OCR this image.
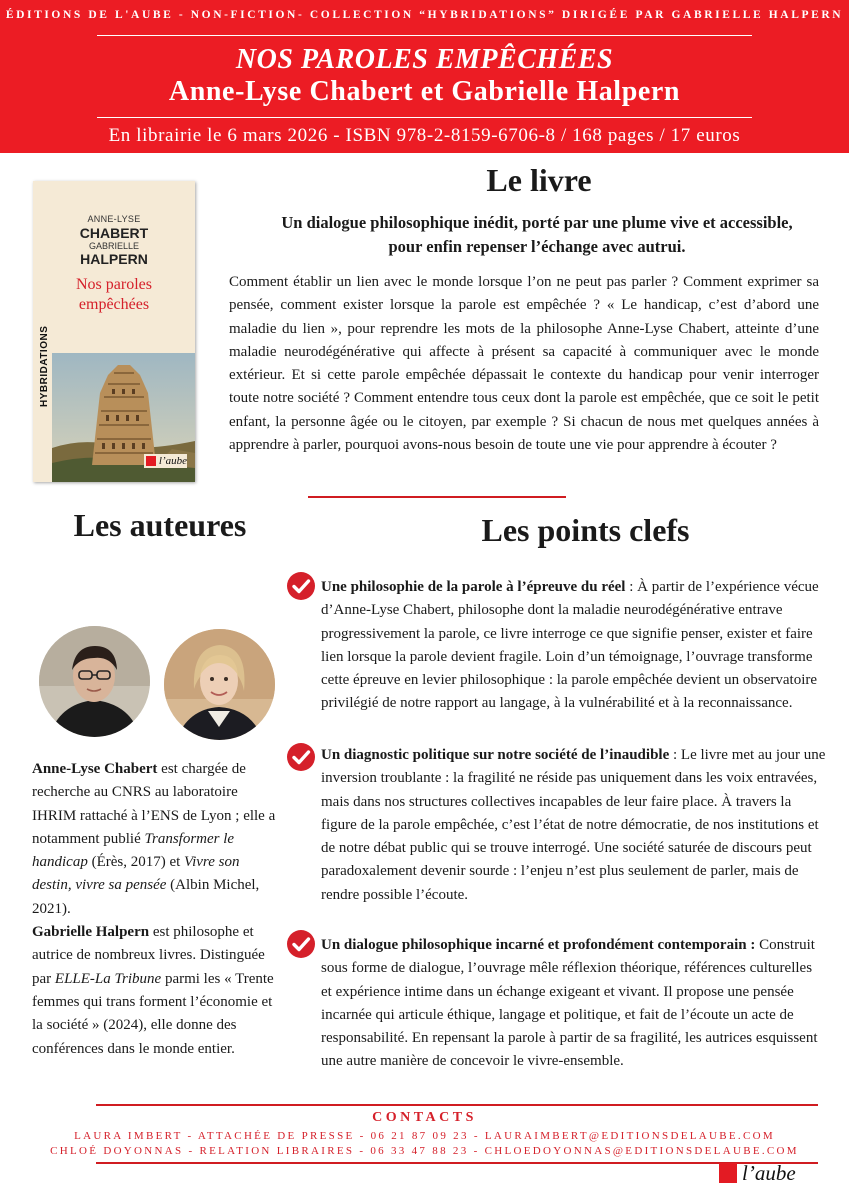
ÉDITIONS DE L'AUBE - NON-FICTION- COLLECTION “HYBRIDATIONS” DIRIGÉE PAR GABRIELLE HALPERN
NOS PAROLES EMPÊCHÉES
Anne-Lyse Chabert et Gabrielle Halpern
En librairie le 6 mars 2026 - ISBN 978-2-8159-6706-8 / 168 pages / 17 euros
ANNE-LYSE
CHABERT
GABRIELLE
HALPERN
Nos paroles
empêchées
HYBRIDATIONS
l’aube
Le livre
Un dialogue philosophique inédit, porté par une plume vive et accessible,
pour enfin repenser l’échange avec autrui.
Comment établir un lien avec le monde lorsque l’on ne peut pas parler ? Comment exprimer sa pensée, comment exister lorsque la parole est empêchée ? « Le handicap, c’est d’abord une maladie du lien », pour reprendre les mots de la philosophe Anne-Lyse Chabert, atteinte d’une maladie neurodégénérative qui affecte à présent sa capacité à communiquer avec le monde extérieur. Et si cette parole empêchée dépassait le contexte du handicap pour venir interroger toute notre société ? Comment entendre tous ceux dont la parole est empêchée, que ce soit le petit enfant, la personne âgée ou le citoyen, par exemple ? Si chacun de nous met quelques années à apprendre à parler, pourquoi avons-nous besoin de toute une vie pour apprendre à écouter ?
Les auteures

Anne-Lyse Chabert est chargée de recherche au CNRS au laboratoire IHRIM rattaché à l’ENS de Lyon ; elle a notamment publié Transformer le handicap (Érès, 2017) et Vivre son destin, vivre sa pensée (Albin Michel, 2021).

Gabrielle Halpern est philosophe et autrice de nombreux livres. Distinguée par ELLE-La Tribune parmi les « Trente femmes qui trans forment l’économie et la société » (2024), elle donne des conférences dans le monde entier.

Les points clefs
Une philosophie de la parole à l’épreuve du réel : À partir de l’expérience vécue d’Anne-Lyse Chabert, philosophe dont la maladie neurodégénérative entrave progressivement la parole, ce livre interroge ce que signifie penser, exister et faire lien lorsque la parole devient fragile. Loin d’un témoignage, l’ouvrage transforme cette épreuve en levier philosophique : la parole empêchée devient un observatoire privilégié de notre rapport au langage, à la vulnérabilité et à la reconnaissance.
Un diagnostic politique sur notre société de l’inaudible : Le livre met au jour une inversion troublante : la fragilité ne réside pas uniquement dans les voix entravées, mais dans nos structures collectives incapables de leur faire place. À travers la figure de la parole empêchée, c’est l’état de notre démocratie, de nos institutions et de notre débat public qui se trouve interrogé. Une société saturée de discours peut paradoxalement devenir sourde : l’enjeu n’est plus seulement de parler, mais de rendre possible l’écoute.
Un dialogue philosophique incarné et profondément contemporain : Construit sous forme de dialogue, l’ouvrage mêle réflexion théorique, références culturelles et expérience intime dans un échange exigeant et vivant. Il propose une pensée incarnée qui articule éthique, langage et politique, et fait de l’écoute un acte de responsabilité. En repensant la parole à partir de sa fragilité, les autrices esquissent une autre manière de concevoir le vivre-ensemble.
CONTACTS
LAURA IMBERT - ATTACHÉE DE PRESSE - 06 21 87 09 23 - LAURAIMBERT@EDITIONSDELAUBE.COM
CHLOÉ DOYONNAS - RELATION LIBRAIRES - 06 33 47 88 23 - CHLOEDOYONNAS@EDITIONSDELAUBE.COM
l’aube
